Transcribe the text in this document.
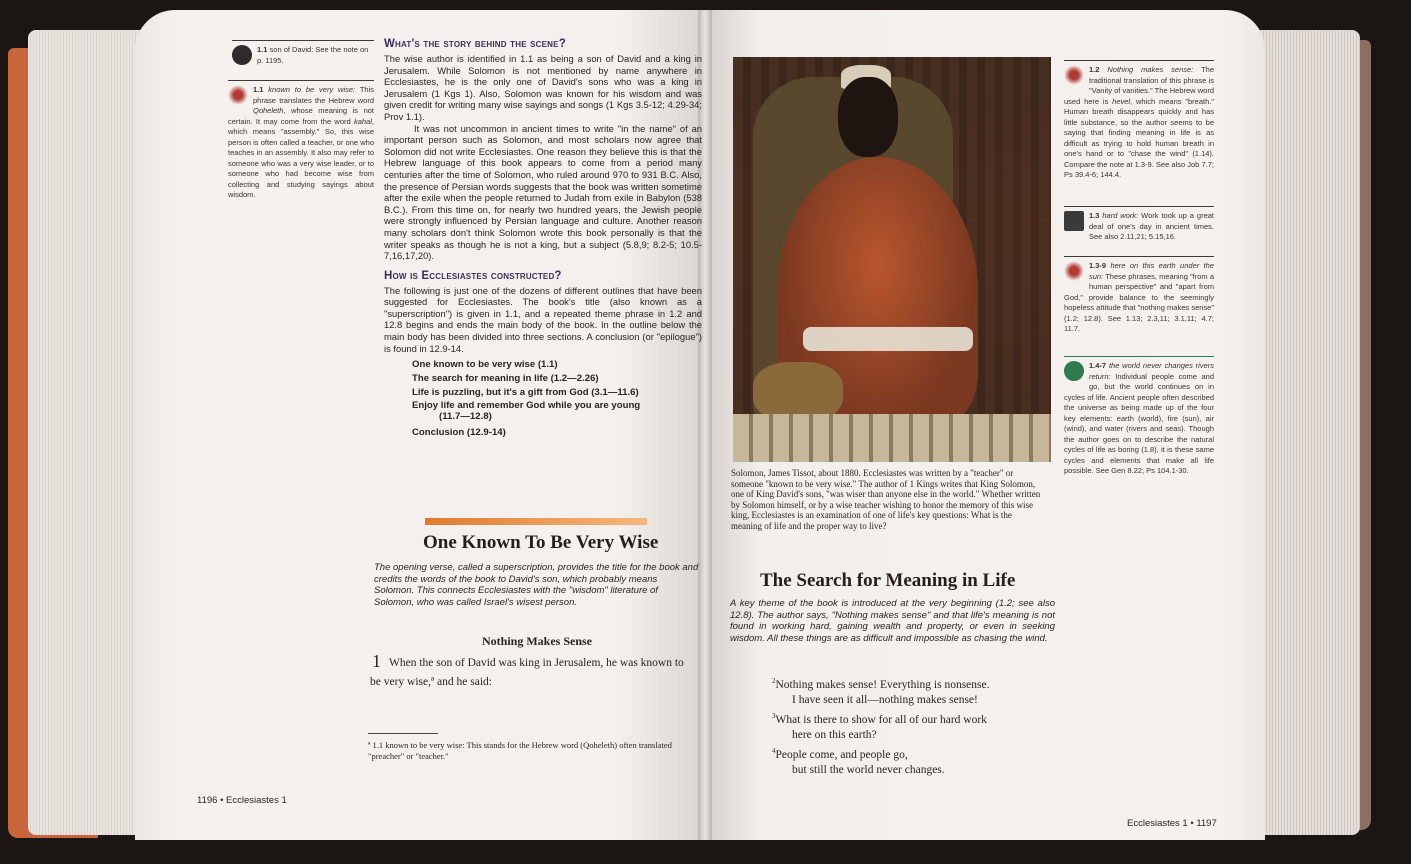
1.1 son of David: See the note on p. 1195.
1.1 known to be very wise: This phrase translates the Hebrew word Qoheleth, whose meaning is not certain. It may come from the word kahal, which means "assembly." So, this wise person is often called a teacher, or one who teaches in an assembly. It also may refer to someone who was a very wise leader, or to someone who had become wise from collecting and studying sayings about wisdom.
What's the story behind the scene?
The wise author is identified in 1.1 as being a son of David and a king in Jerusalem. While Solomon is not mentioned by name anywhere in Ecclesiastes, he is the only one of David's sons who was a king in Jerusalem (1 Kgs 1). Also, Solomon was known for his wisdom and was given credit for writing many wise sayings and songs (1 Kgs 3.5-12; 4.29-34; Prov 1.1).
It was not uncommon in ancient times to write "in the name" of an important person such as Solomon, and most scholars now agree that Solomon did not write Ecclesiastes. One reason they believe this is that the Hebrew language of this book appears to come from a period many centuries after the time of Solomon, who ruled around 970 to 931 B.C. Also, the presence of Persian words suggests that the book was written sometime after the exile when the people returned to Judah from exile in Babylon (538 B.C.). From this time on, for nearly two hundred years, the Jewish people were strongly influenced by Persian language and culture. Another reason many scholars don't think Solomon wrote this book personally is that the writer speaks as though he is not a king, but a subject (5.8,9; 8.2-5; 10.5-7,16,17,20).
How is Ecclesiastes constructed?
The following is just one of the dozens of different outlines that have been suggested for Ecclesiastes. The book's title (also known as a "superscription") is given in 1.1, and a repeated theme phrase in 1.2 and 12.8 begins and ends the main body of the book. In the outline below the main body has been divided into three sections. A conclusion (or "epilogue") is found in 12.9-14.
One known to be very wise (1.1)
The search for meaning in life (1.2—2.26)
Life is puzzling, but it's a gift from God (3.1—11.6)
Enjoy life and remember God while you are young
(11.7—12.8)
Conclusion (12.9-14)
One Known To Be Very Wise
The opening verse, called a superscription, provides the title for the book and credits the words of the book to David's son, which probably means Solomon. This connects Ecclesiastes with the "wisdom" literature of Solomon, who was called Israel's wisest person.
Nothing Makes Sense
1 When the son of David was king in Jerusalem, he was known to be very wise,ª and he said:
ª 1.1 known to be very wise: This stands for the Hebrew word (Qoheleth) often translated "preacher" or "teacher."
1196 • Ecclesiastes 1
Solomon, James Tissot, about 1880. Ecclesiastes was written by a "teacher" or someone "known to be very wise." The author of 1 Kings writes that King Solomon, one of King David's sons, "was wiser than anyone else in the world." Whether written by Solomon himself, or by a wise teacher wishing to honor the memory of this wise king, Ecclesiastes is an examination of one of life's key questions: What is the meaning of life and the proper way to live?
The Search for Meaning in Life
A key theme of the book is introduced at the very beginning (1.2; see also 12.8). The author says, "Nothing makes sense" and that life's meaning is not found in working hard, gaining wealth and property, or even in seeking wisdom. All these things are as difficult and impossible as chasing the wind.
$^2$Nothing makes sense! Everything is nonsense.
I have seen it all—nothing makes sense!
$^3$What is there to show for all of our hard work
here on this earth?
$^4$People come, and people go,
but still the world never changes.
1.2 Nothing makes sense: The traditional translation of this phrase is "Vanity of vanities." The Hebrew word used here is hevel, which means "breath." Human breath disappears quickly and has little substance, so the author seems to be saying that finding meaning in life is as difficult as trying to hold human breath in one's hand or to "chase the wind" (1.14). Compare the note at 1.3-9. See also Job 7.7; Ps 39.4-6; 144.4.
1.3 hard work: Work took up a great deal of one's day in ancient times. See also 2.11,21; 5.15,16.
1.3-9 here on this earth under the sun: These phrases, meaning "from a human perspective" and "apart from God," provide balance to the seemingly hopeless attitude that "nothing makes sense" (1.2; 12.8). See 1.13; 2.3,11; 3.1,11; 4.7; 11.7.
1.4-7 the world never changes rivers return: Individual people come and go, but the world continues on in cycles of life. Ancient people often described the universe as being made up of the four key elements: earth (world), fire (sun), air (wind), and water (rivers and seas). Though the author goes on to describe the natural cycles of life as boring (1.8), it is these same cycles and elements that make all life possible. See Gen 8.22; Ps 104.1-30.
Ecclesiastes 1 • 1197
